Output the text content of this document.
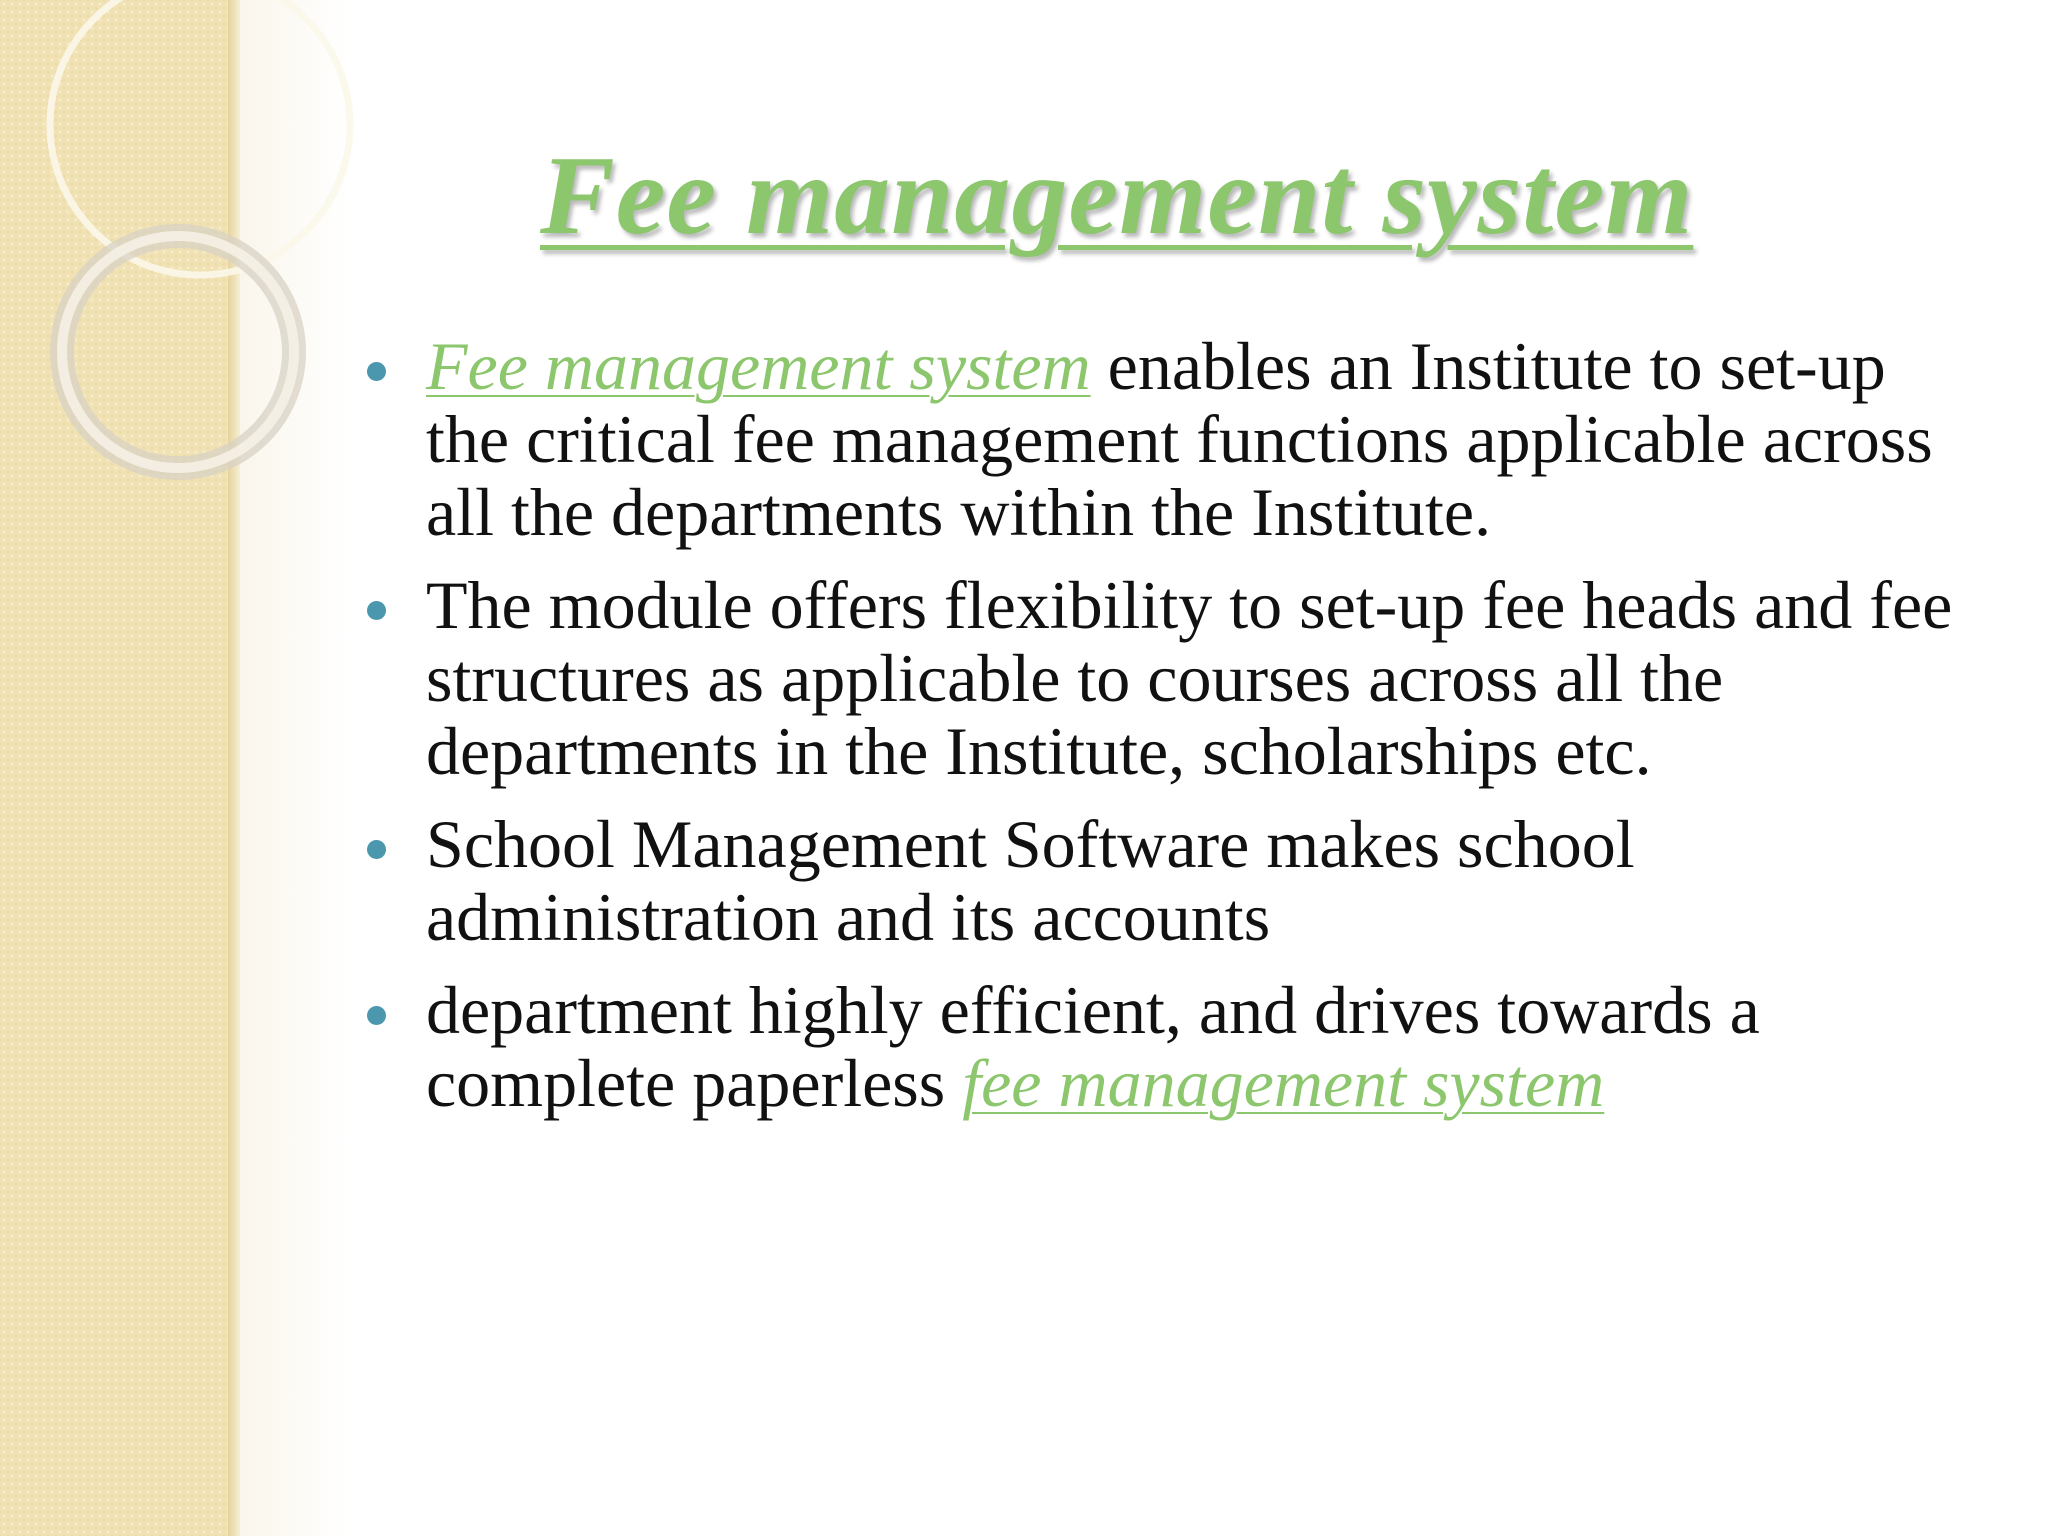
Fee management system
Fee management system enables an Institute to set-up the critical fee management functions applicable across all the departments within the Institute.
The module offers flexibility to set-up fee heads and fee structures as applicable to courses across all the departments in the Institute, scholarships etc.
School Management Software makes school administration and its accounts
department highly efficient, and drives towards a complete paperless fee management system
